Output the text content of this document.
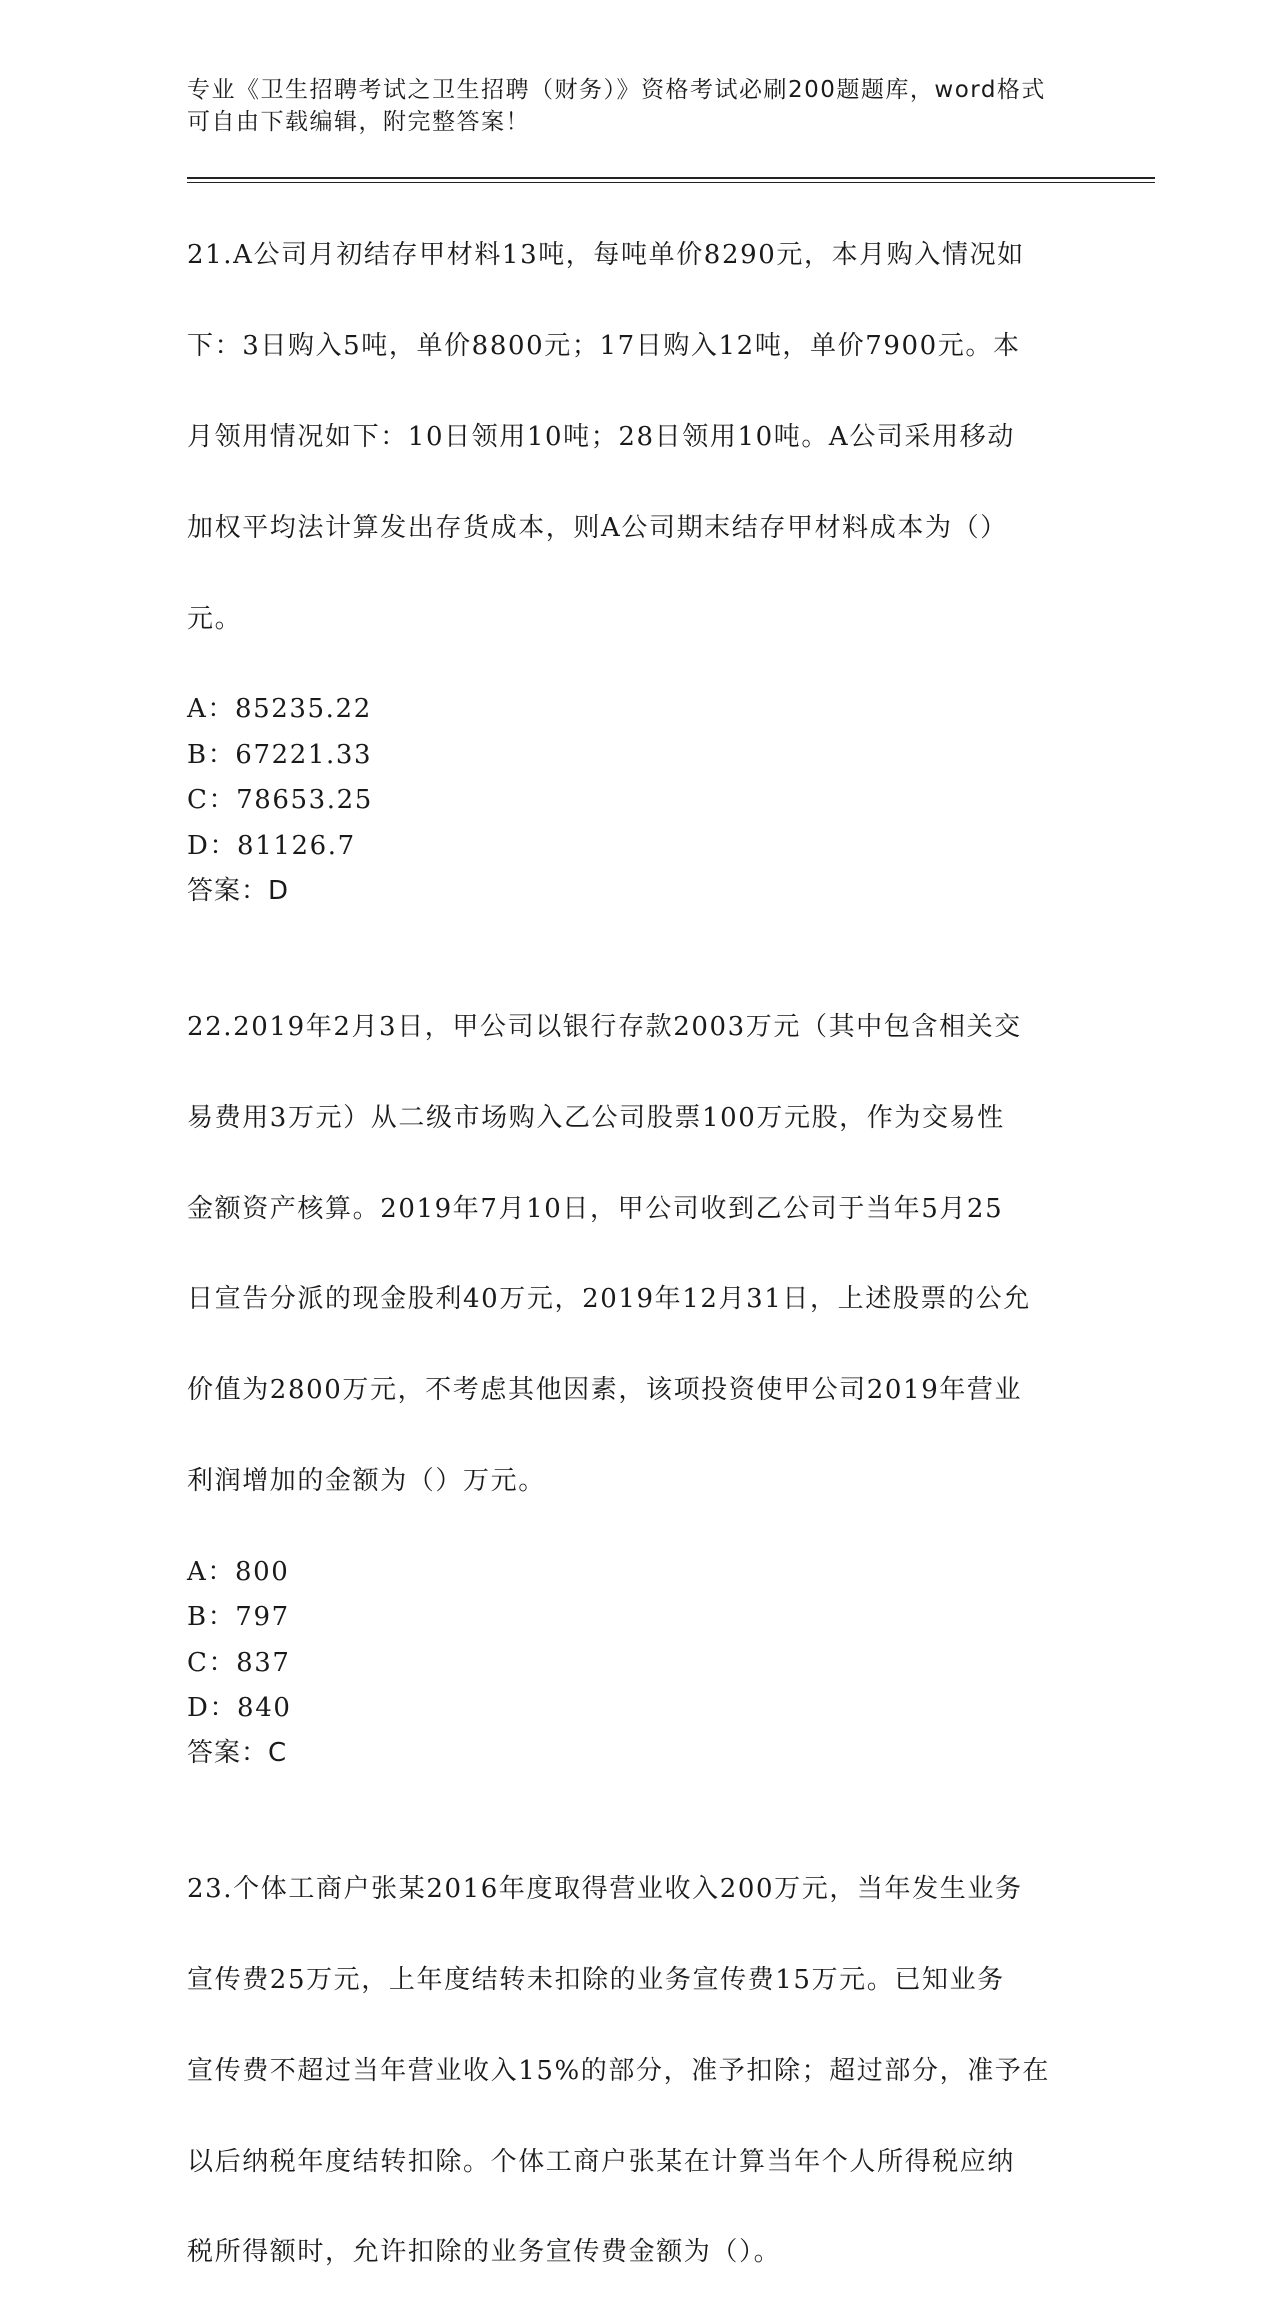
专业《卫生招聘考试之卫生招聘（财务）》资格考试必刷200题题库，word格式
可自由下载编辑，附完整答案！

21.A公司月初结存甲材料13吨，每吨单价8290元，本月购入情况如

下：3日购入5吨，单价8800元；17日购入12吨，单价7900元。本

月领用情况如下：10日领用10吨；28日领用10吨。A公司采用移动

加权平均法计算发出存货成本，则A公司期末结存甲材料成本为（）

元。

A：85235.22
B：67221.33
C：78653.25
D：81126.7
答案：D

22.2019年2月3日，甲公司以银行存款2003万元（其中包含相关交

易费用3万元）从二级市场购入乙公司股票100万元股，作为交易性

金额资产核算。2019年7月10日，甲公司收到乙公司于当年5月25

日宣告分派的现金股利40万元，2019年12月31日，上述股票的公允

价值为2800万元，不考虑其他因素，该项投资使甲公司2019年营业

利润增加的金额为（）万元。

A：800
B：797
C：837
D：840
答案：C

23.个体工商户张某2016年度取得营业收入200万元，当年发生业务

宣传费25万元，上年度结转未扣除的业务宣传费15万元。已知业务

宣传费不超过当年营业收入15%的部分，准予扣除；超过部分，准予在

以后纳税年度结转扣除。个体工商户张某在计算当年个人所得税应纳

税所得额时，允许扣除的业务宣传费金额为（）。
